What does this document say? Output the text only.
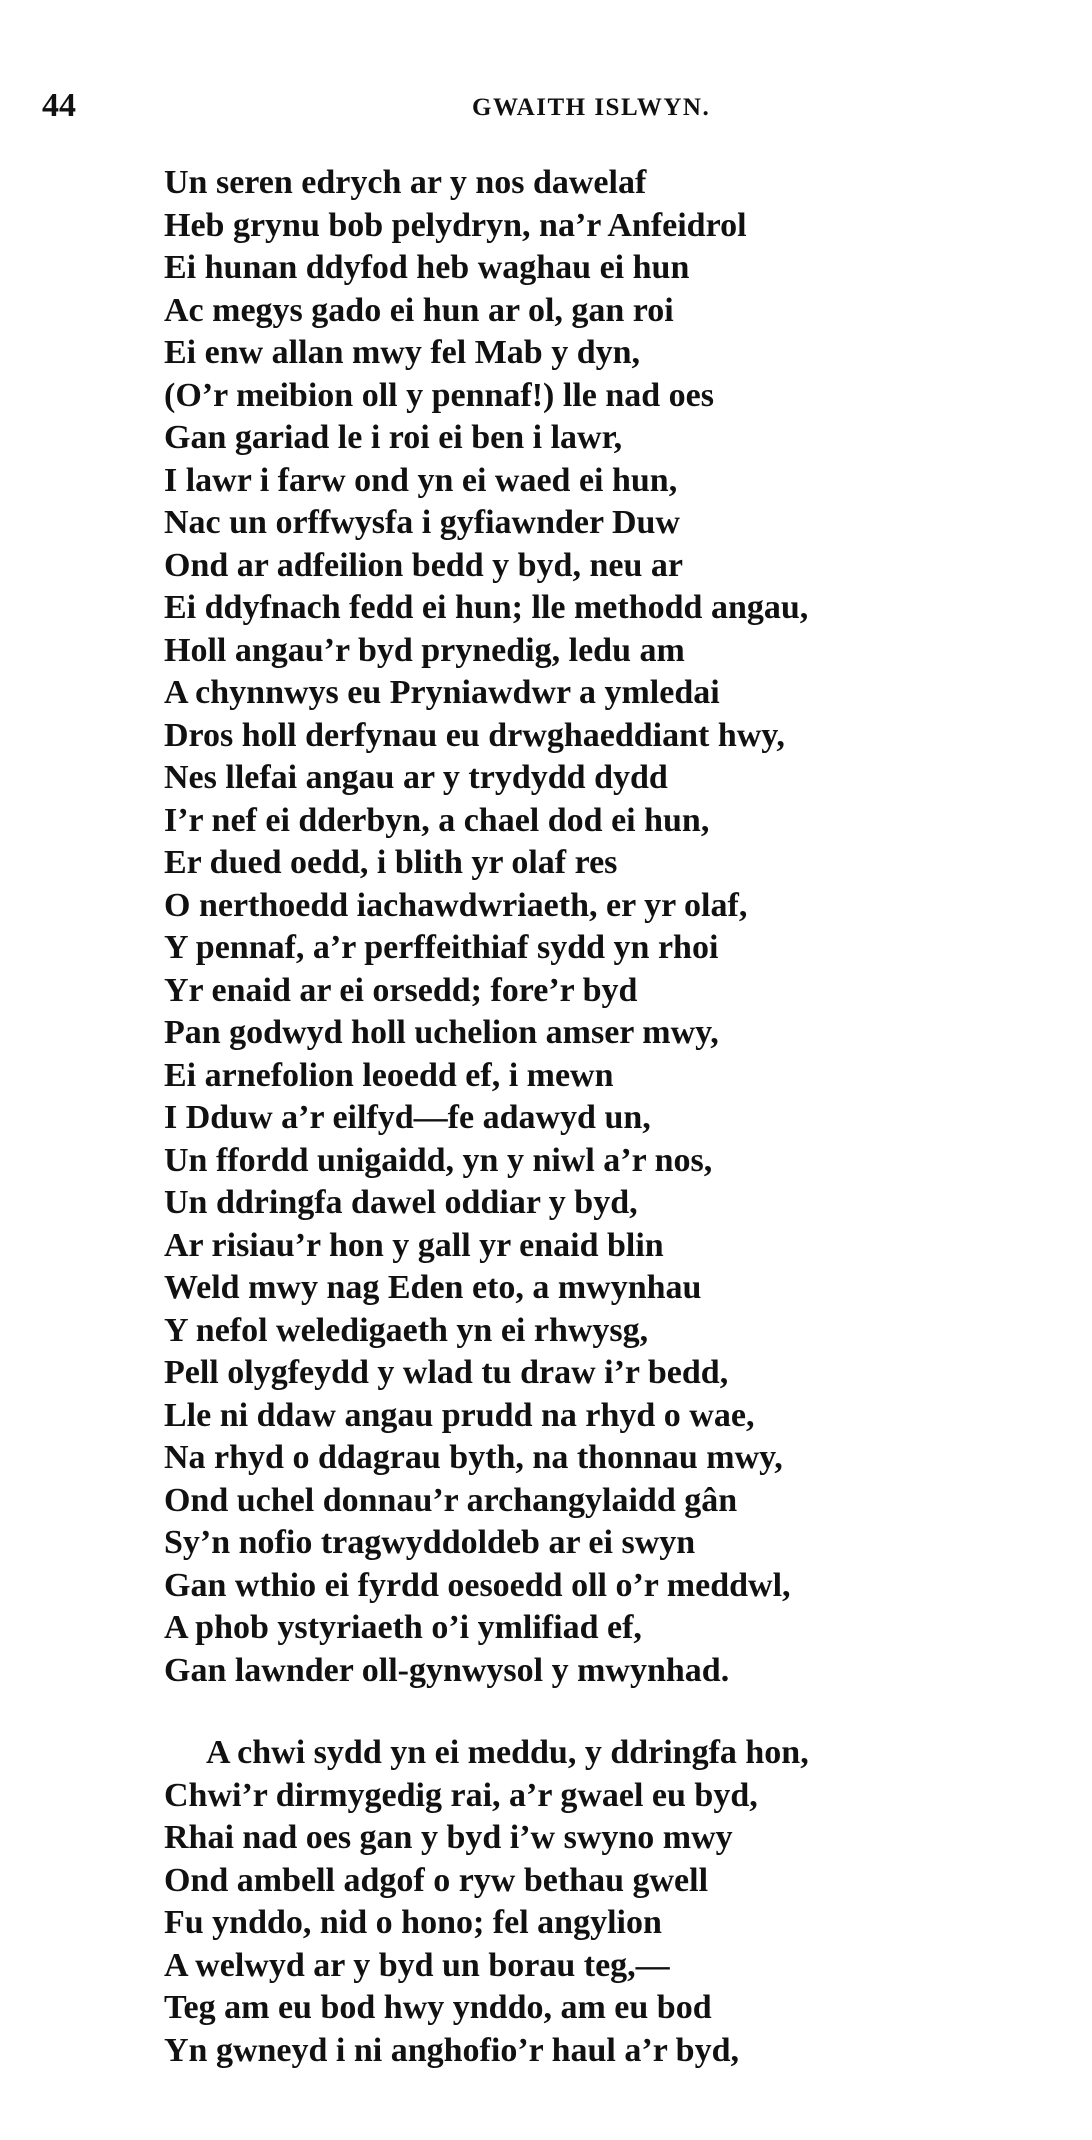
44	GWAITH ISLWYN.
Un seren edrych ar y nos dawelaf
Heb grynu bob pelydryn, na’r Anfeidrol
Ei hunan ddyfod heb waghau ei hun
Ac megys gado ei hun ar ol, gan roi
Ei enw allan mwy fel Mab y dyn,
(O’r meibion oll y pennaf!) lle nad oes
Gan gariad le i roi ei ben i lawr,
I lawr i farw ond yn ei waed ei hun,
Nac un orffwysfa i gyfiawnder Duw
Ond ar adfeilion bedd y byd, neu ar
Ei ddyfnach fedd ei hun; lle methodd angau,
Holl angau’r byd prynedig, ledu am
A chynnwys eu Pryniawdwr a ymledai
Dros holl derfynau eu drwghaeddiant hwy,
Nes llefai angau ar y trydydd dydd
I’r nef ei dderbyn, a chael dod ei hun,
Er dued oedd, i blith yr olaf res
O nerthoedd iachawdwriaeth, er yr olaf,
Y pennaf, a’r perffeithiaf sydd yn rhoi
Yr enaid ar ei orsedd; fore’r byd
Pan godwyd holl uchelion amser mwy,
Ei arnefolion leoedd ef, i mewn
I Dduw a’r eilfyd—fe adawyd un,
Un ffordd unigaidd, yn y niwl a’r nos,
Un ddringfa dawel oddiar y byd,
Ar risiau’r hon y gall yr enaid blin
Weld mwy nag Eden eto, a mwynhau
Y nefol weledigaeth yn ei rhwysg,
Pell olygfeydd y wlad tu draw i’r bedd,
Lle ni ddaw angau prudd na rhyd o wae,
Na rhyd o ddagrau byth, na thonnau mwy,
Ond uchel donnau’r archangylaidd gân
Sy’n nofio tragwyddoldeb ar ei swyn
Gan wthio ei fyrdd oesoedd oll o’r meddwl,
A phob ystyriaeth o’i ymlifiad ef,
Gan lawnder oll-gynwysol y mwynhad.
A chwi sydd yn ei meddu, y ddringfa hon,
Chwi’r dirmygedig rai, a’r gwael eu byd,
Rhai nad oes gan y byd i’w swyno mwy
Ond ambell adgof o ryw bethau gwell
Fu ynddo, nid o hono; fel angylion
A welwyd ar y byd un borau teg,—
Teg am eu bod hwy ynddo, am eu bod
Yn gwneyd i ni anghofio’r haul a’r byd,
